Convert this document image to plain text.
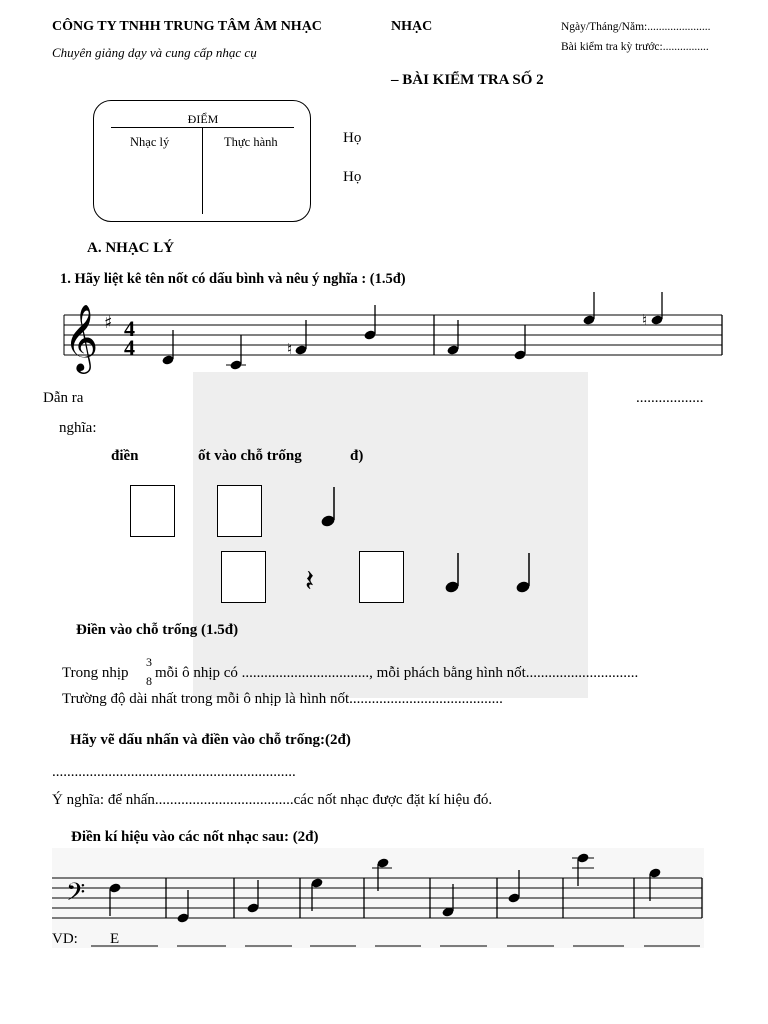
CÔNG TY TNHH TRUNG TÂM ÂM NHẠC
Chuyên giảng dạy và cung cấp nhạc cụ
NHẠC	Ngày/Tháng/Năm:......................
Bài kiểm tra kỳ trước:................
– BÀI KIỂM TRA SỐ 2
ĐIỂM
Nhạc lý	Thực hành	Họ
Họ
A. NHẠC LÝ
1. Hãy liệt kê tên nốt có dấu bình và nêu ý nghĩa : (1.5đ)
𝄞 ♯ 4
4	♮
♮
Dẫn ra	..................
nghĩa:
điền	ốt vào chỗ trống	đ)
𝄽
Điền vào chỗ trống (1.5đ)
Trong nhịp
3
8 mỗi ô nhịp có .................................., mỗi phách bằng hình nốt..............................
Trường độ dài nhất trong mỗi ô nhịp là hình nốt.........................................
Hãy vẽ dấu nhấn và điền vào chỗ trống:(2đ)
.................................................................
Ý nghĩa: để nhấn.....................................các nốt nhạc được đặt kí hiệu đó.
Điền kí hiệu vào các nốt nhạc sau: (2đ)
𝄢
VD: E
